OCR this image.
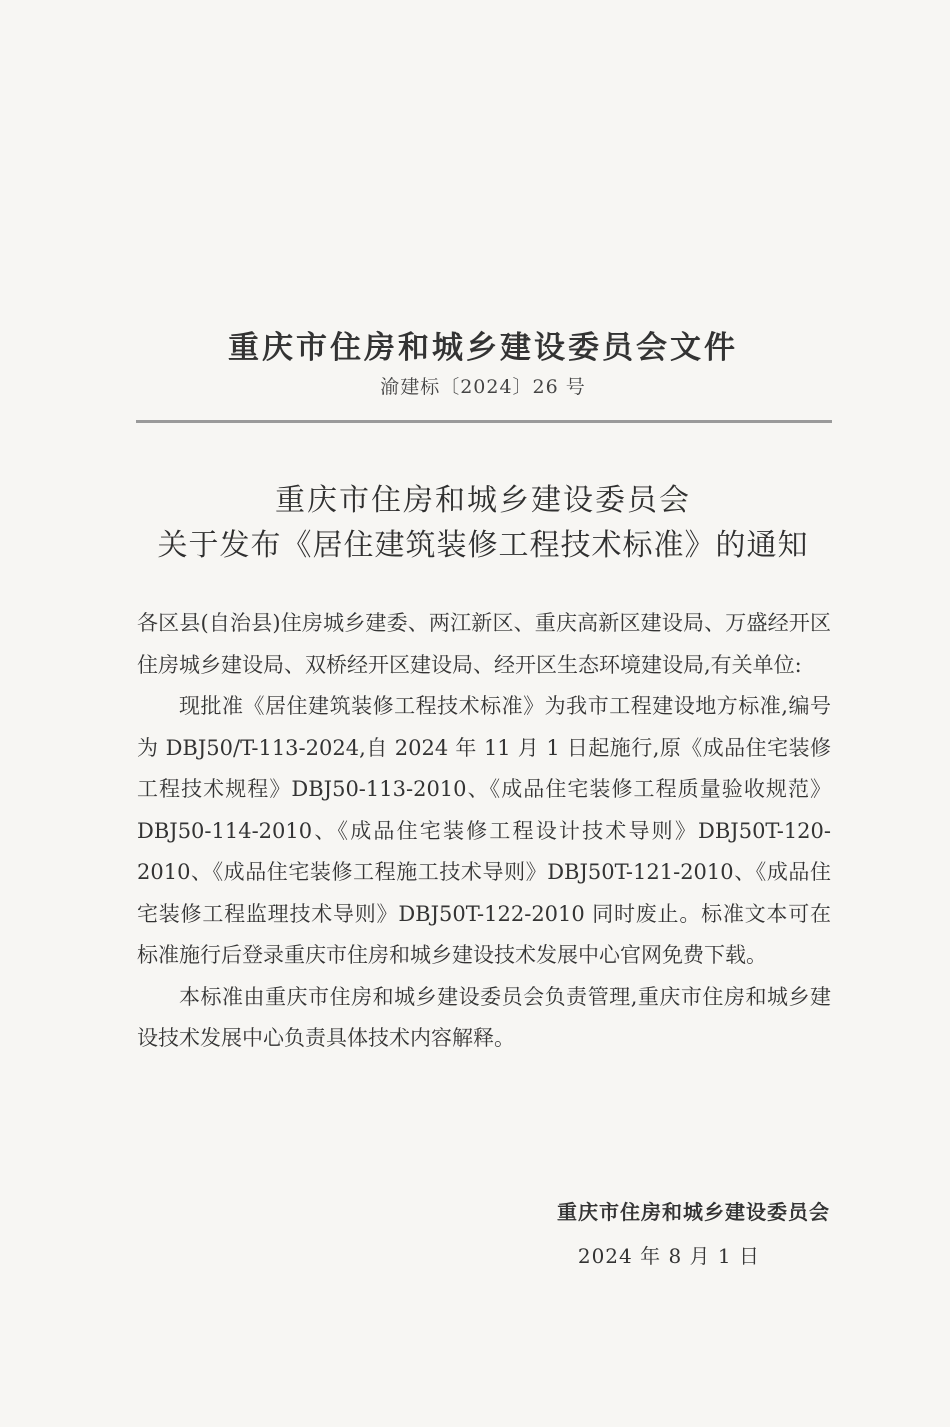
重庆市住房和城乡建设委员会文件
渝建标〔2024〕26 号
重庆市住房和城乡建设委员会
关于发布《居住建筑装修工程技术标准》的通知

各区县(自治县)住房城乡建委、两江新区、重庆高新区建设局、万盛经开区住房城乡建设局、双桥经开区建设局、经开区生态环境建设局,有关单位:

现批准《居住建筑装修工程技术标准》为我市工程建设地方标准,编号为 DBJ50/T-113-2024,自 2024 年 11 月 1 日起施行,原《成品住宅装修工程技术规程》DBJ50-113-2010、《成品住宅装修工程质量验收规范》DBJ50-114-2010、《成品住宅装修工程设计技术导则》DBJ50T-120-2010、《成品住宅装修工程施工技术导则》DBJ50T-121-2010、《成品住宅装修工程监理技术导则》DBJ50T-122-2010 同时废止。标准文本可在标准施行后登录重庆市住房和城乡建设技术发展中心官网免费下载。

本标准由重庆市住房和城乡建设委员会负责管理,重庆市住房和城乡建设技术发展中心负责具体技术内容解释。

重庆市住房和城乡建设委员会
2024 年 8 月 1 日
